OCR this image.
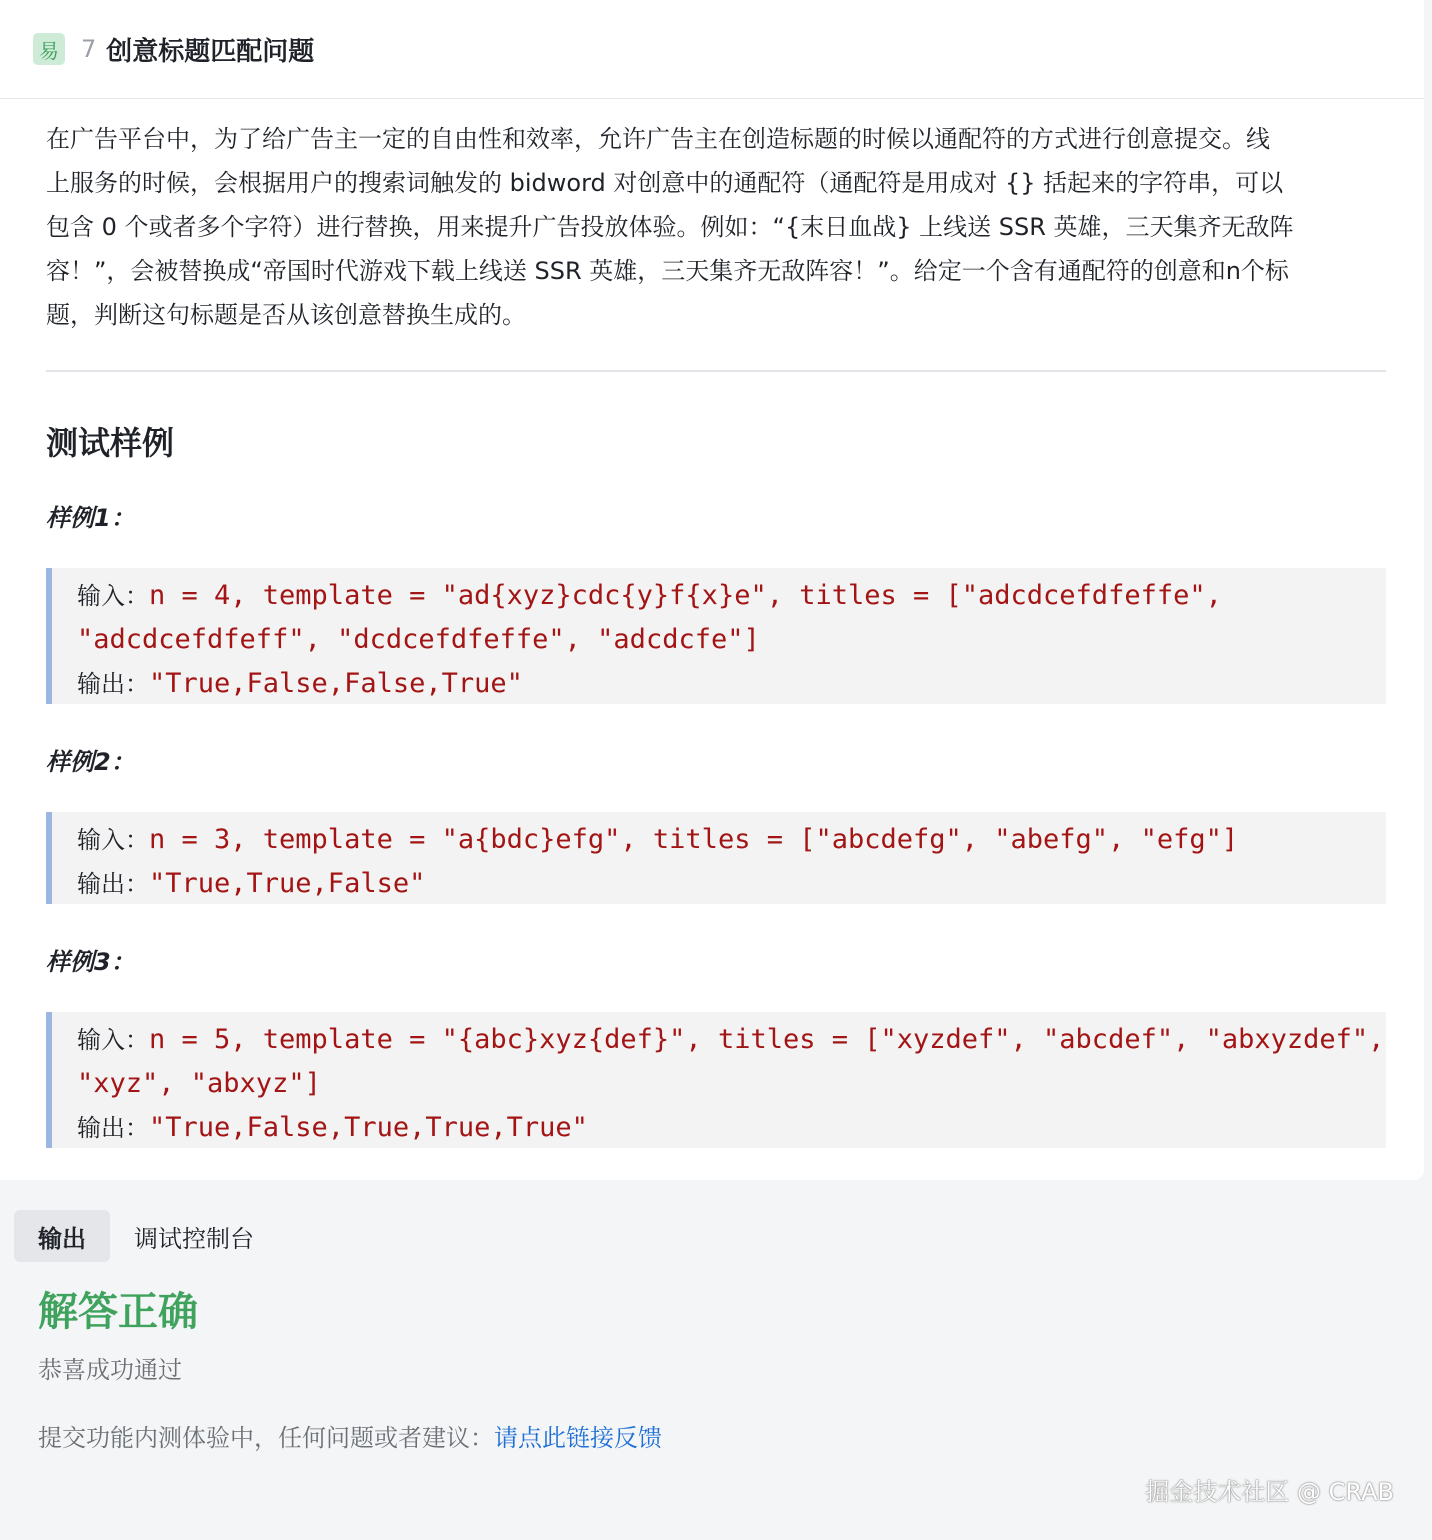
易 7 创意标题匹配问题
在广告平台中，为了给广告主一定的自由性和效率，允许广告主在创造标题的时候以通配符的方式进行创意提交。线
上服务的时候，会根据用户的搜索词触发的 bidword 对创意中的通配符（通配符是用成对 {} 括起来的字符串，可以
包含 0 个或者多个字符）进行替换，用来提升广告投放体验。例如：“{末日血战} 上线送 SSR 英雄，三天集齐无敌阵
容！”，会被替换成“帝国时代游戏下载上线送 SSR 英雄，三天集齐无敌阵容！”。给定一个含有通配符的创意和n个标
题，判断这句标题是否从该创意替换生成的。
测试样例
样例1：
输入：n = 4, template = "ad{xyz}cdc{y}f{x}e", titles = ["adcdcefdfeffe",
"adcdcefdfeff", "dcdcefdfeffe", "adcdcfe"]
输出："True,False,False,True"
样例2：
输入：n = 3, template = "a{bdc}efg", titles = ["abcdefg", "abefg", "efg"]
输出："True,True,False"
样例3：
输入：n = 5, template = "{abc}xyz{def}", titles = ["xyzdef", "abcdef", "abxyzdef",
"xyz", "abxyz"]
输出："True,False,True,True,True"
输出	调试控制台
解答正确
恭喜成功通过
提交功能内测体验中，任何问题或者建议：请点此链接反馈
掘金技术社区 @ CRAB
